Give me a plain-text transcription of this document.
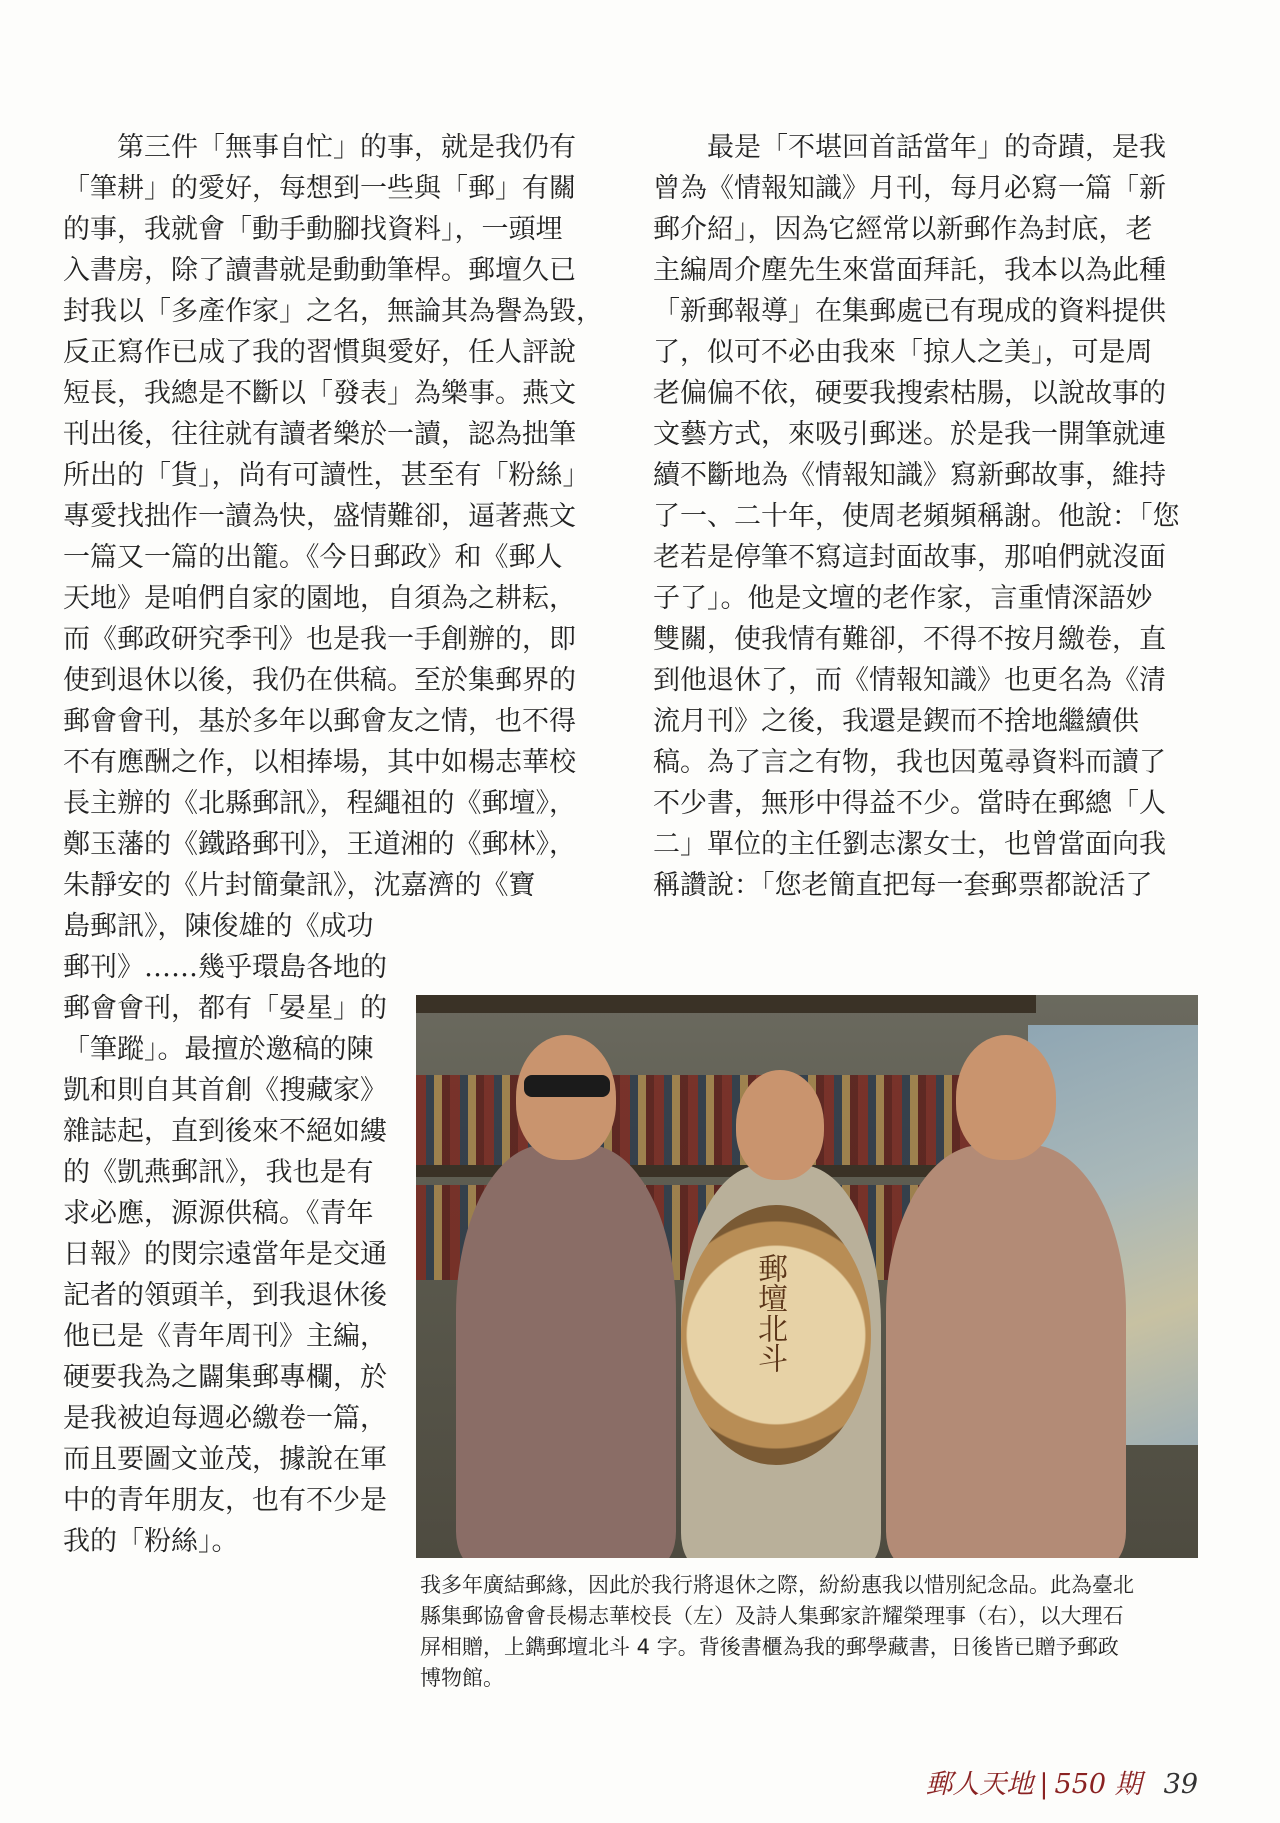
　　第三件「無事自忙」的事，就是我仍有
「筆耕」的愛好，每想到一些與「郵」有關
的事，我就會「動手動腳找資料」，一頭埋
入書房，除了讀書就是動動筆桿。郵壇久已
封我以「多產作家」之名，無論其為譽為毀，
反正寫作已成了我的習慣與愛好，任人評說
短長，我總是不斷以「發表」為樂事。燕文
刊出後，往往就有讀者樂於一讀，認為拙筆
所出的「貨」，尚有可讀性，甚至有「粉絲」
專愛找拙作一讀為快，盛情難卻，逼著燕文
一篇又一篇的出籠。《今日郵政》和《郵人
天地》是咱們自家的園地，自須為之耕耘，
而《郵政研究季刊》也是我一手創辦的，即
使到退休以後，我仍在供稿。至於集郵界的
郵會會刊，基於多年以郵會友之情，也不得
不有應酬之作，以相捧場，其中如楊志華校
長主辦的《北縣郵訊》，程繩祖的《郵壇》，
鄭玉藩的《鐵路郵刊》，王道湘的《郵林》，
朱靜安的《片封簡彙訊》，沈嘉濟的《寶
島郵訊》，陳俊雄的《成功
郵刊》……幾乎環島各地的
郵會會刊，都有「晏星」的
「筆蹤」。最擅於邀稿的陳
凱和則自其首創《搜藏家》
雜誌起，直到後來不絕如縷
的《凱燕郵訊》，我也是有
求必應，源源供稿。《青年
日報》的閔宗遠當年是交通
記者的領頭羊，到我退休後
他已是《青年周刊》主編，
硬要我為之闢集郵專欄，於
是我被迫每週必繳卷一篇，
而且要圖文並茂，據說在軍
中的青年朋友，也有不少是
我的「粉絲」。
　　最是「不堪回首話當年」的奇蹟，是我
曾為《情報知識》月刊，每月必寫一篇「新
郵介紹」，因為它經常以新郵作為封底，老
主編周介塵先生來當面拜託，我本以為此種
「新郵報導」在集郵處已有現成的資料提供
了，似可不必由我來「掠人之美」，可是周
老偏偏不依，硬要我搜索枯腸，以說故事的
文藝方式，來吸引郵迷。於是我一開筆就連
續不斷地為《情報知識》寫新郵故事，維持
了一、二十年，使周老頻頻稱謝。他說：「您
老若是停筆不寫這封面故事，那咱們就沒面
子了」。他是文壇的老作家，言重情深語妙
雙關，使我情有難卻，不得不按月繳卷，直
到他退休了，而《情報知識》也更名為《清
流月刊》之後，我還是鍥而不捨地繼續供
稿。為了言之有物，我也因蒐尋資料而讀了
不少書，無形中得益不少。當時在郵總「人
二」單位的主任劉志潔女士，也曾當面向我
稱讚說：「您老簡直把每一套郵票都說活了
郵壇北斗
我多年廣結郵緣，因此於我行將退休之際，紛紛惠我以惜別紀念品。此為臺北
縣集郵協會會長楊志華校長（左）及詩人集郵家許耀榮理事（右），以大理石
屏相贈，上鐫郵壇北斗 4 字。背後書櫃為我的郵學藏書，日後皆已贈予郵政
博物館。
郵人天地 | 550 期 39
